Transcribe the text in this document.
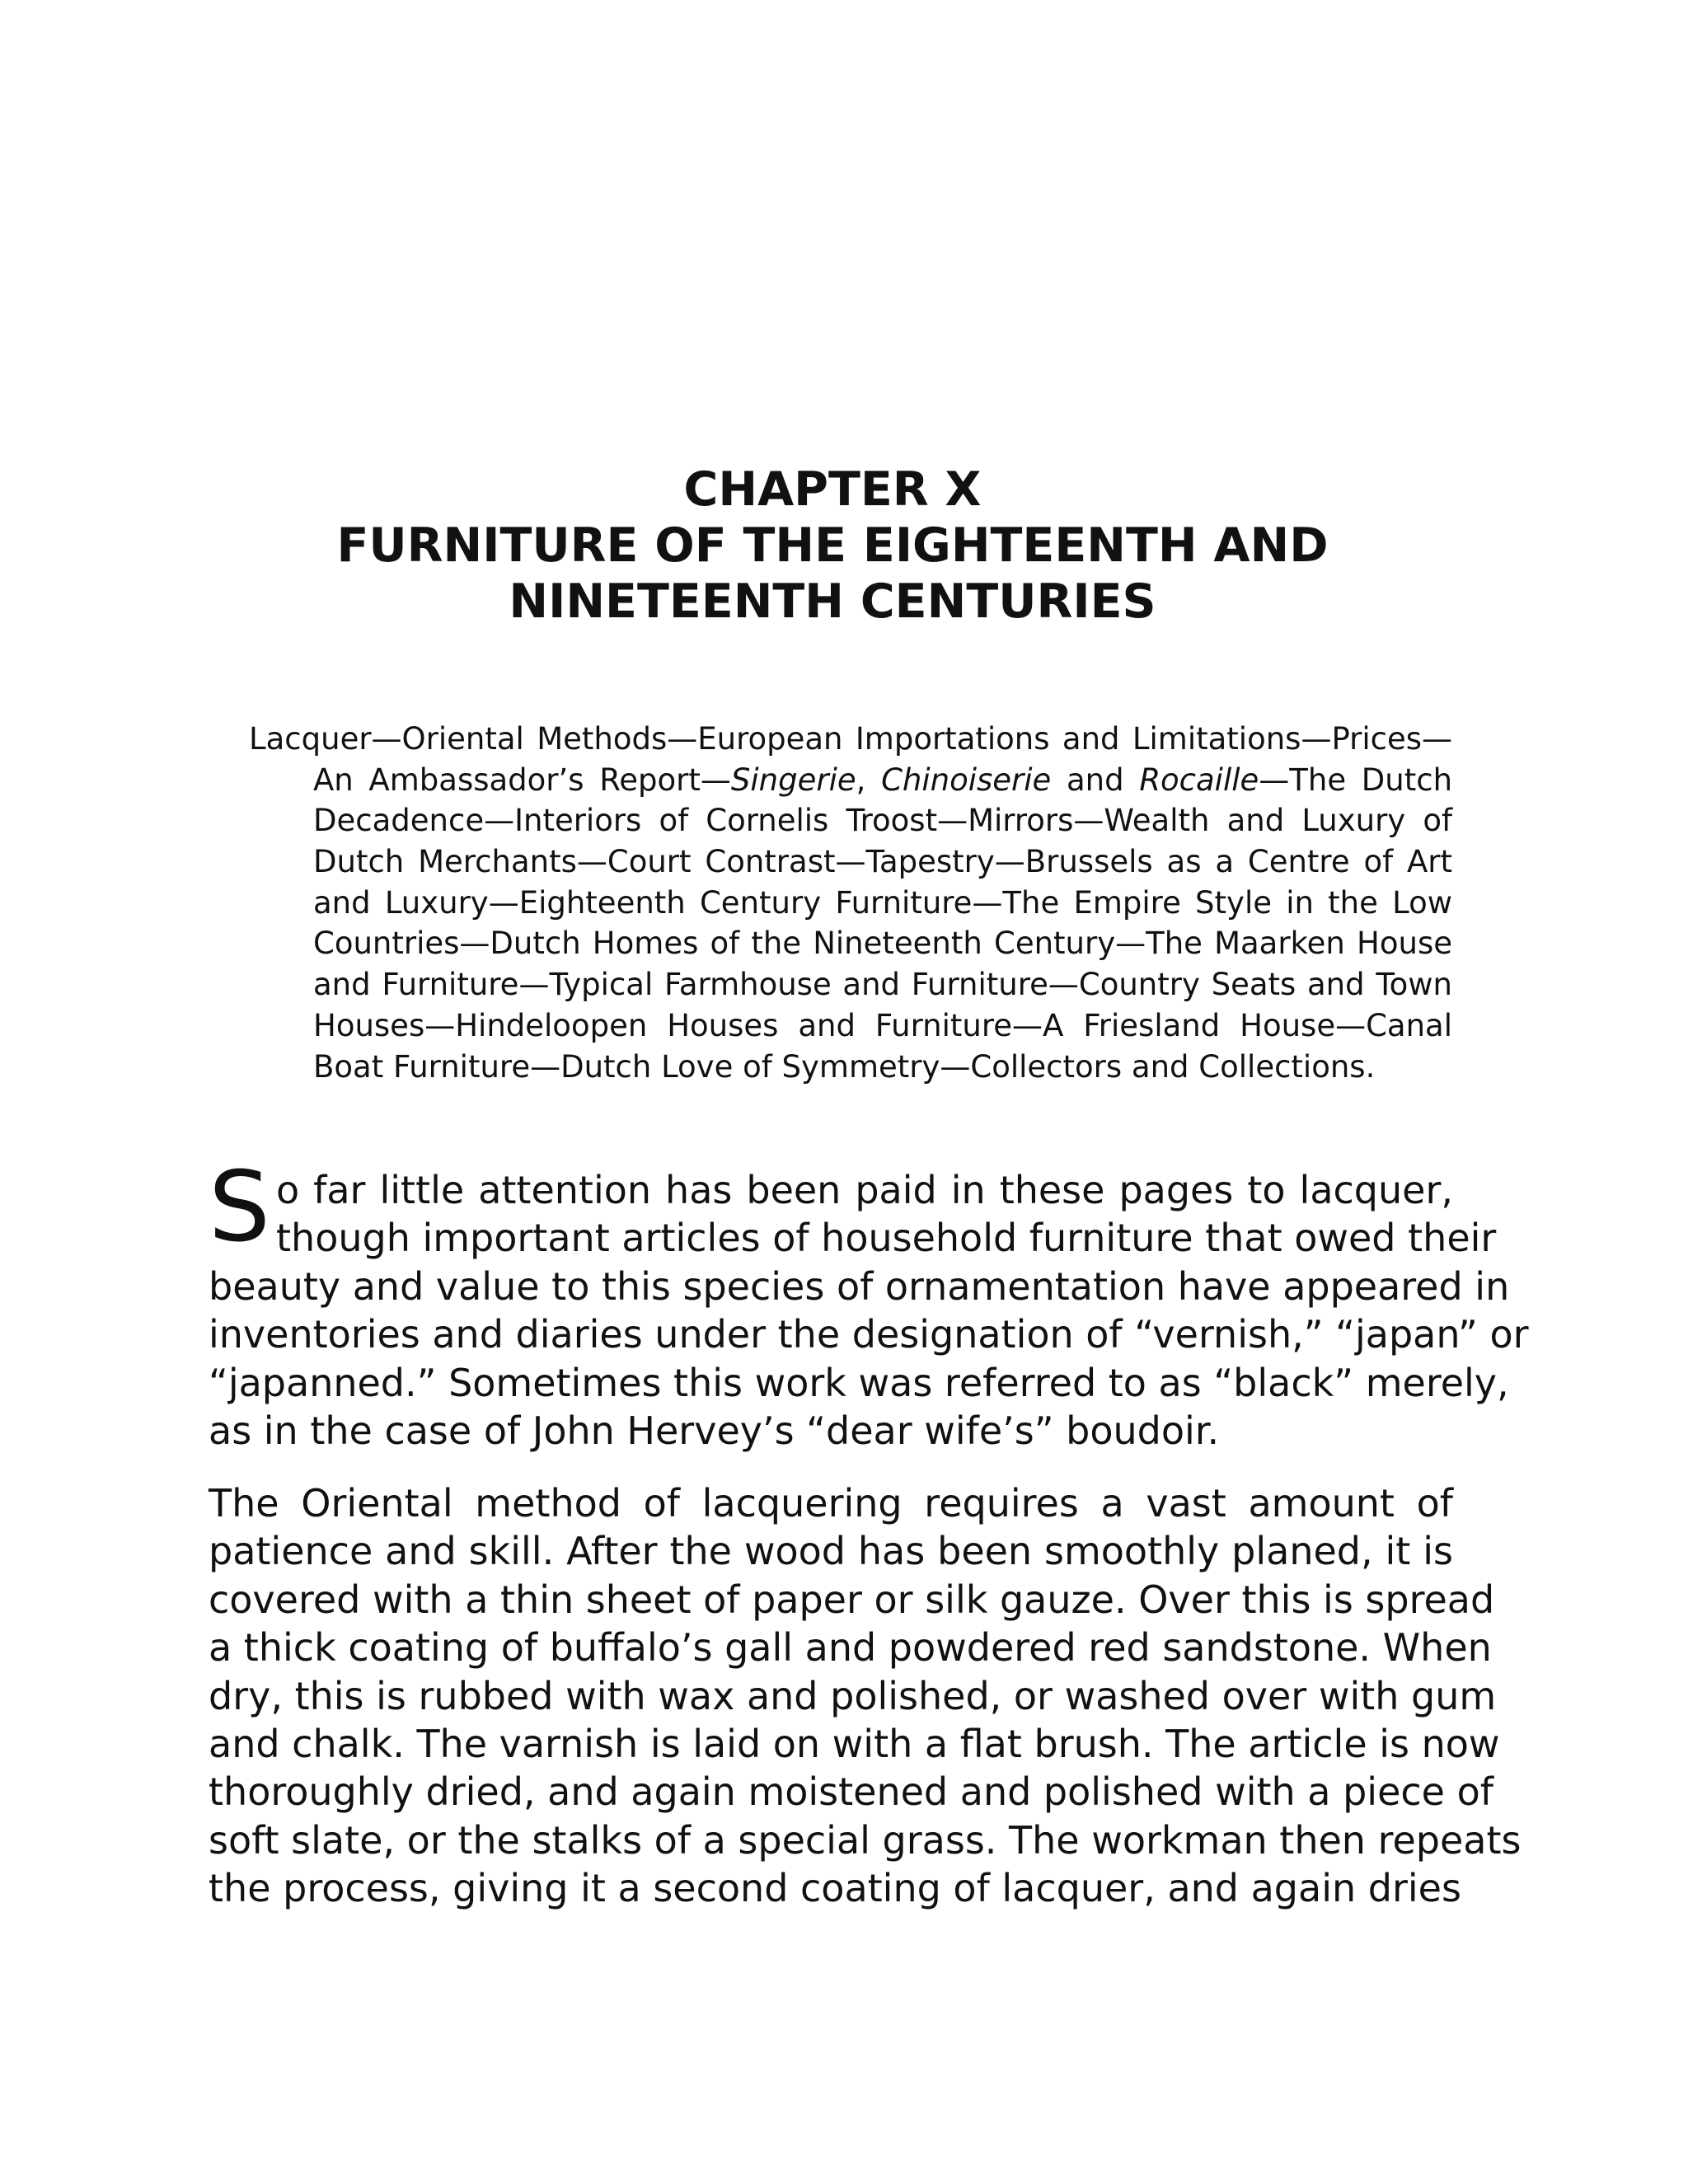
CHAPTER X
FURNITURE OF THE EIGHTEENTH AND
NINETEENTH CENTURIES
Lacquer—Oriental Methods—European Importations and Limitations—Prices—
An Ambassador’s Report—Singerie, Chinoiserie and Rocaille—The Dutch
Decadence—Interiors of Cornelis Troost—Mirrors—Wealth and Luxury of
Dutch Merchants—Court Contrast—Tapestry—Brussels as a Centre of Art
and Luxury—Eighteenth Century Furniture—The Empire Style in the Low
Countries—Dutch Homes of the Nineteenth Century—The Maarken House
and Furniture—Typical Farmhouse and Furniture—Country Seats and Town
Houses—Hindeloopen Houses and Furniture—A Friesland House—Canal
Boat Furniture—Dutch Love of Symmetry—Collectors and Collections.
S o far little attention has been paid in these pages to lacquer,
though important articles of household furniture that owed their
beauty and value to this species of ornamentation have appeared in
inventories and diaries under the designation of “vernish,” “japan” or
“japanned.” Sometimes this work was referred to as “black” merely,
as in the case of John Hervey’s “dear wife’s” boudoir.
The Oriental method of lacquering requires a vast amount of
patience and skill. After the wood has been smoothly planed, it is
covered with a thin sheet of paper or silk gauze. Over this is spread
a thick coating of buffalo’s gall and powdered red sandstone. When
dry, this is rubbed with wax and polished, or washed over with gum
and chalk. The varnish is laid on with a flat brush. The article is now
thoroughly dried, and again moistened and polished with a piece of
soft slate, or the stalks of a special grass. The workman then repeats
the process, giving it a second coating of lacquer, and again dries
